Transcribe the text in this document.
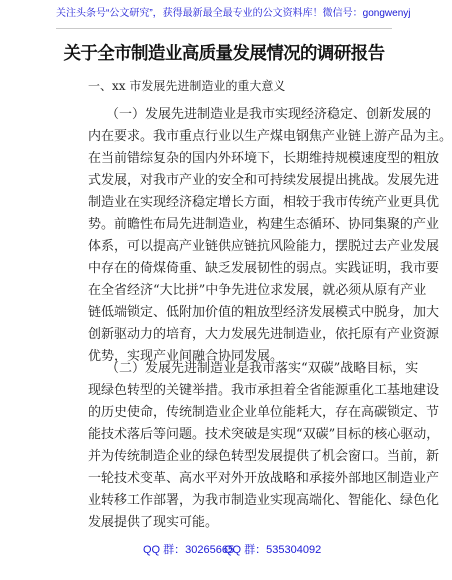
关注头条号“公文研究”，获得最新最全最专业的公文资料库！微信号：gongwenyj
关于全市制造业高质量发展情况的调研报告
一、xx 市发展先进制造业的重大意义
（一）发展先进制造业是我市实现经济稳定、创新发展的
内在要求。我市重点行业以生产煤电钢焦产业链上游产品为主。
在当前错综复杂的国内外环境下，长期维持规模速度型的粗放
式发展，对我市产业的安全和可持续发展提出挑战。发展先进
制造业在实现经济稳定增长方面，相较于我市传统产业更具优
势。前瞻性布局先进制造业，构建生态循环、协同集聚的产业
体系，可以提高产业链供应链抗风险能力，摆脱过去产业发展
中存在的倚煤倚重、缺乏发展韧性的弱点。实践证明，我市要
在全省经济“大比拼”中争先进位求发展，就必须从原有产业
链低端锁定、低附加价值的粗放型经济发展模式中脱身，加大
创新驱动力的培育，大力发展先进制造业，依托原有产业资源
优势，实现产业间融合协同发展。
（二）发展先进制造业是我市落实“双碳”战略目标，实
现绿色转型的关键举措。我市承担着全省能源重化工基地建设
的历史使命，传统制造业企业单位能耗大，存在高碳锁定、节
能技术落后等问题。技术突破是实现“双碳”目标的核心驱动，
并为传统制造企业的绿色转型发展提供了机会窗口。当前，新
一轮技术变革、高水平对外开放战略和承接外部地区制造业产
业转移工作部署，为我市制造业实现高端化、智能化、绿色化
发展提供了现实可能。
QQ 群：30265665
QQ 群：535304092
